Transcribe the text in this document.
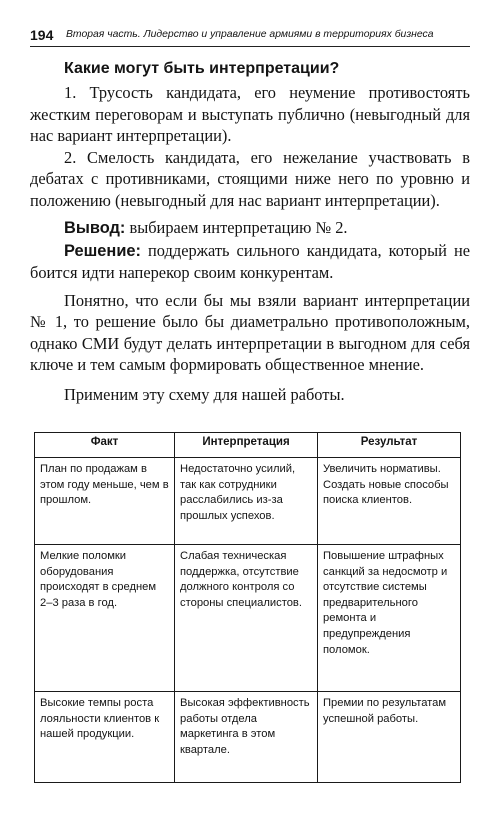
194 Вторая часть. Лидерство и управление армиями в территориях бизнеса
Какие могут быть интерпретации?

1. Трусость кандидата, его неумение противостоять жестким переговорам и выступать публично (невыгодный для нас вариант интерпретации).

2. Смелость кандидата, его нежелание участвовать в дебатах с противниками, стоящими ниже него по уровню и положению (невыгодный для нас вариант интерпретации).

Вывод: выбираем интерпретацию № 2.

Решение: поддержать сильного кандидата, который не боится идти наперекор своим конкурентам.

Понятно, что если бы мы взяли вариант интерпретации № 1, то решение было бы диаметрально противоположным, однако СМИ будут делать интерпретации в выгодном для себя ключе и тем самым формировать общественное мнение.

Применим эту схему для нашей работы.

Факт	Интерпретация	Результат
План по продажам в этом году меньше, чем в прошлом.	Недостаточно усилий, так как сотрудники расслабились из-за прошлых успехов.	Увеличить нормативы. Создать новые способы поиска клиентов.
Мелкие поломки оборудования происходят в среднем 2–3 раза в год.	Слабая техническая поддержка, отсутствие должного контроля со стороны специалистов.	Повышение штрафных санкций за недосмотр и отсутствие системы предварительного ремонта и предупреждения поломок.
Высокие темпы роста лояльности клиентов к нашей продукции.	Высокая эффективность работы отдела маркетинга в этом квартале.	Премии по результатам успешной работы.
